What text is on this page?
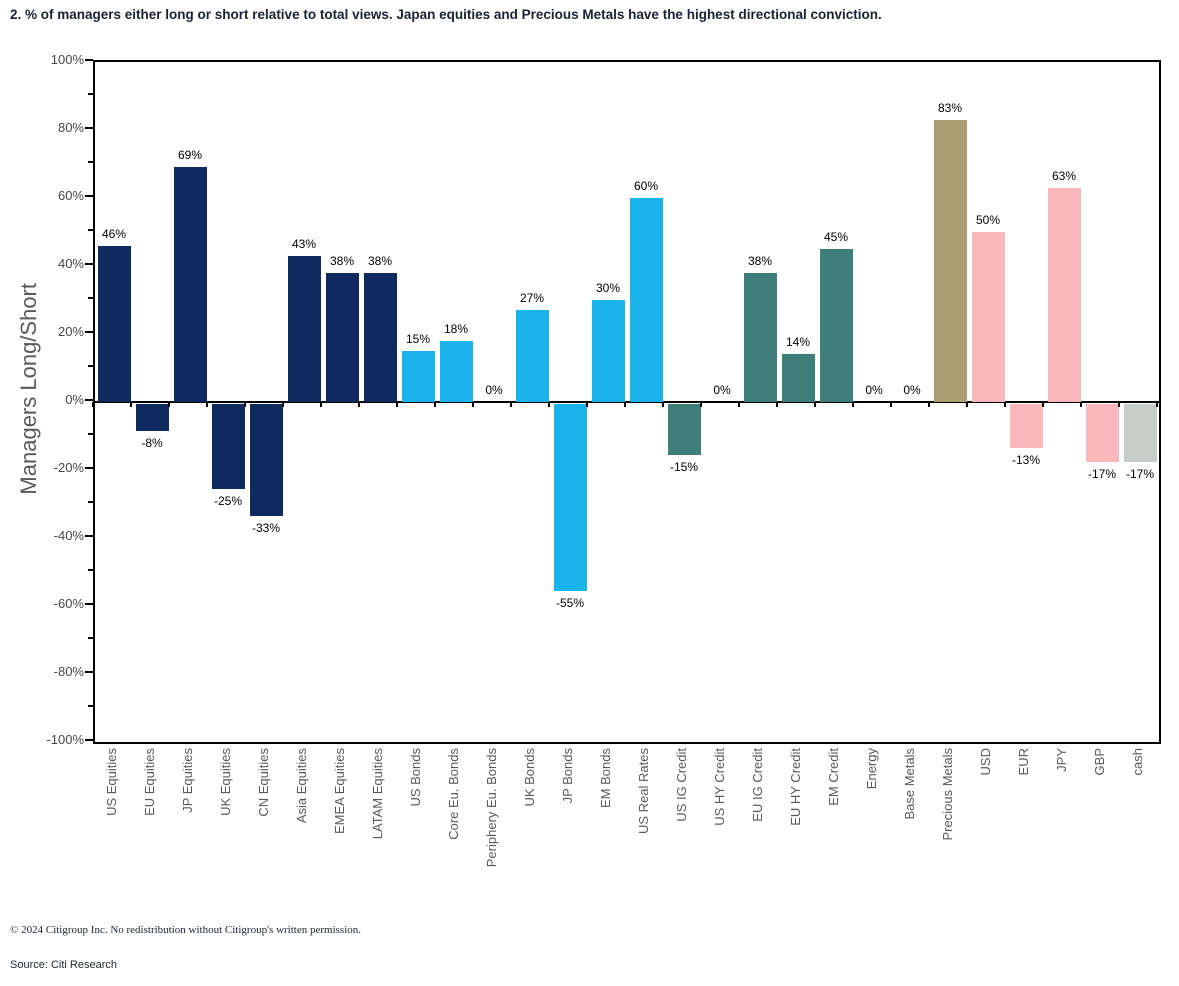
2. % of managers either long or short relative to total views. Japan equities and Precious Metals have the highest directional conviction.
Managers Long/Short
46%
-8%
69%
-25%
-33%
43%
38%	38%
15%
18%
0%
27%
-55%
30%
60%
-15%
0%
38%
14%
45%
0%	0%
83%
50%
-13%
63%
-17% -17%
-100%
-80%
-60%
-40%
-20%
0%
20%
40%
60%
80%
100%
US Equities EU Equities JP Equities UK Equities CN Equities Asia Equities EMEA Equities LATAM Equities US Bonds Core Eu. Bonds Periphery Eu. Bonds UK Bonds JP Bonds EM Bonds US Real Rates US IG Credit US HY Credit EU IG Credit EU HY Credit EM Credit Energy Base Metals Precious Metals USD EUR JPY GBP cash
© 2024 Citigroup Inc. No redistribution without Citigroup's written permission.
Source: Citi Research
